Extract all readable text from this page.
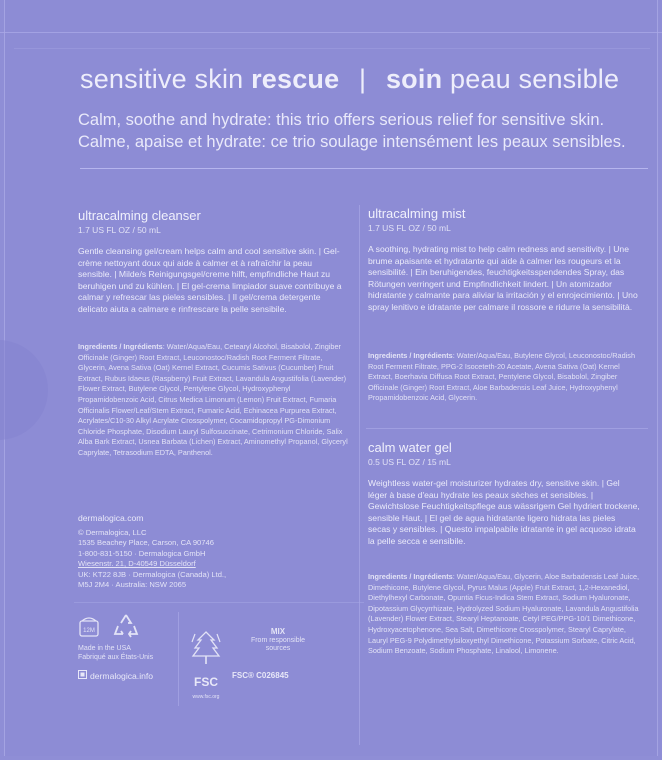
sensitive skin rescue | soin peau sensible
Calm, soothe and hydrate: this trio offers serious relief for sensitive skin.
Calme, apaise et hydrate: ce trio soulage intensément les peaux sensibles.
ultracalming cleanser
1.7 US FL OZ / 50 mL
Gentle cleansing gel/cream helps calm and cool sensitive skin. | Gel-crème nettoyant doux qui aide à calmer et à rafraîchir la peau sensible. | Milde/s Reinigungsgel/creme hilft, empfindliche Haut zu beruhigen und zu kühlen. | El gel-crema limpiador suave contribuye a calmar y refrescar las pieles sensibles. | Il gel/crema detergente delicato aiuta a calmare e rinfrescare la pelle sensibile.
Ingredients / Ingrédients: Water/Aqua/Eau, Cetearyl Alcohol, Bisabolol, Zingiber Officinale (Ginger) Root Extract, Leuconostoc/Radish Root Ferment Filtrate, Glycerin, Avena Sativa (Oat) Kernel Extract, Cucumis Sativus (Cucumber) Fruit Extract, Rubus Idaeus (Raspberry) Fruit Extract, Lavandula Angustifolia (Lavender) Flower Extract, Butylene Glycol, Pentylene Glycol, Hydroxyphenyl Propamidobenzoic Acid, Citrus Medica Limonum (Lemon) Fruit Extract, Fumaria Officinalis Flower/Leaf/Stem Extract, Fumaric Acid, Echinacea Purpurea Extract, Acrylates/C10-30 Alkyl Acrylate Crosspolymer, Cocamidopropyl PG-Dimonium Chloride Phosphate, Disodium Lauryl Sulfosuccinate, Cetrimonium Chloride, Salix Alba Bark Extract, Usnea Barbata (Lichen) Extract, Aminomethyl Propanol, Glyceryl Caprylate, Tetrasodium EDTA, Panthenol.
ultracalming mist
1.7 US FL OZ / 50 mL
A soothing, hydrating mist to help calm redness and sensitivity. | Une brume apaisante et hydratante qui aide à calmer les rougeurs et la sensibilité. | Ein beruhigendes, feuchtigkeitsspendendes Spray, das Rötungen verringert und Empfindlichkeit lindert. | Un atomizador hidratante y calmante para aliviar la irritación y el enrojecimiento. | Uno spray lenitivo e idratante per calmare il rossore e ridurre la sensibilità.
Ingredients / Ingrédients: Water/Aqua/Eau, Butylene Glycol, Leuconostoc/Radish Root Ferment Filtrate, PPG-2 Isoceteth-20 Acetate, Avena Sativa (Oat) Kernel Extract, Boerhavia Diffusa Root Extract, Pentylene Glycol, Bisabolol, Zingiber Officinale (Ginger) Root Extract, Aloe Barbadensis Leaf Juice, Hydroxyphenyl Propamidobenzoic Acid, Glycerin.
calm water gel
0.5 US FL OZ / 15 mL
Weightless water-gel moisturizer hydrates dry, sensitive skin. | Gel léger à base d'eau hydrate les peaux sèches et sensibles. | Gewichtslose Feuchtigkeitspflege aus wässrigem Gel hydriert trockene, sensible Haut. | El gel de agua hidratante ligero hidrata las pieles secas y sensibles. | Questo impalpabile idratante in gel acquoso idrata la pelle secca e sensibile.
Ingredients / Ingrédients: Water/Aqua/Eau, Glycerin, Aloe Barbadensis Leaf Juice, Dimethicone, Butylene Glycol, Pyrus Malus (Apple) Fruit Extract, 1,2-Hexanediol, Diethylhexyl Carbonate, Opuntia Ficus-Indica Stem Extract, Sodium Hyaluronate, Dipotassium Glycyrrhizate, Hydrolyzed Sodium Hyaluronate, Lavandula Angustifolia (Lavender) Flower Extract, Stearyl Heptanoate, Cetyl PEG/PPG-10/1 Dimethicone, Hydroxyacetophenone, Sea Salt, Dimethicone Crosspolymer, Stearyl Caprylate, Lauryl PEG-9 Polydimethylsiloxyethyl Dimethicone, Potassium Sorbate, Citric Acid, Sodium Benzoate, Sodium Phosphate, Linalool, Limonene.
dermalogica.com
© Dermalogica, LLC
1535 Beachey Place, Carson, CA 90746
1-800-831-5150 · Dermalogica GmbH
Wiesenstr. 21, D-40549 Düsseldorf
UK: KT22 8JB · Dermalogica (Canada) Ltd.,
M5J 2M4 · Australia: NSW 2065
12M
Made in the USA
Fabriqué aux États-Unis
dermalogica.info	FSC
www.fsc.org
MIX
From responsible
sources
FSC® C026845
